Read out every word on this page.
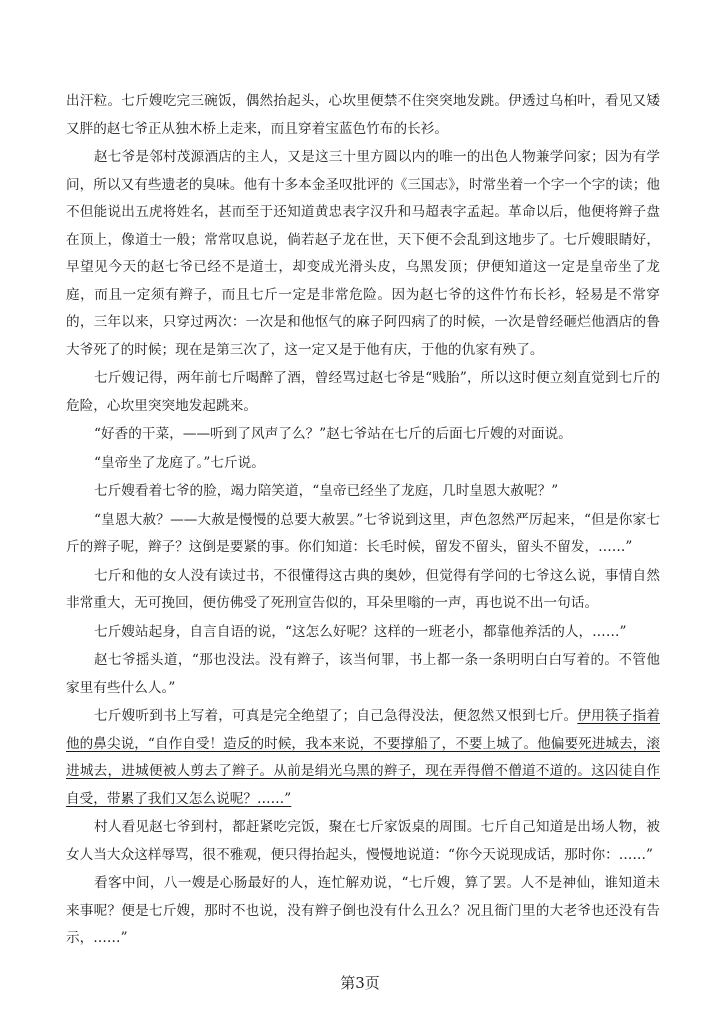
出汗粒。七斤嫂吃完三碗饭，偶然抬起头，心坎里便禁不住突突地发跳。伊透过乌桕叶，看见又矮又胖的赵七爷正从独木桥上走来，而且穿着宝蓝色竹布的长衫。

赵七爷是邻村茂源酒店的主人，又是这三十里方圆以内的唯一的出色人物兼学问家；因为有学问，所以又有些遗老的臭味。他有十多本金圣叹批评的《三国志》，时常坐着一个字一个字的读；他不但能说出五虎将姓名，甚而至于还知道黄忠表字汉升和马超表字孟起。革命以后，他便将辫子盘在顶上，像道士一般；常常叹息说，倘若赵子龙在世，天下便不会乱到这地步了。七斤嫂眼睛好，早望见今天的赵七爷已经不是道士，却变成光滑头皮，乌黑发顶；伊便知道这一定是皇帝坐了龙庭，而且一定须有辫子，而且七斤一定是非常危险。因为赵七爷的这件竹布长衫，轻易是不常穿的，三年以来，只穿过两次：一次是和他怄气的麻子阿四病了的时候，一次是曾经砸烂他酒店的鲁大爷死了的时候；现在是第三次了，这一定又是于他有庆，于他的仇家有殃了。

七斤嫂记得，两年前七斤喝醉了酒，曾经骂过赵七爷是“贱胎”，所以这时便立刻直觉到七斤的危险，心坎里突突地发起跳来。

“好香的干菜，——听到了风声了么？”赵七爷站在七斤的后面七斤嫂的对面说。

“皇帝坐了龙庭了。”七斤说。

七斤嫂看着七爷的脸，竭力陪笑道，“皇帝已经坐了龙庭，几时皇恩大赦呢？”

“皇恩大赦？——大赦是慢慢的总要大赦罢。”七爷说到这里，声色忽然严厉起来，“但是你家七斤的辫子呢，辫子？这倒是要紧的事。你们知道：长毛时候，留发不留头，留头不留发，……”

七斤和他的女人没有读过书，不很懂得这古典的奥妙，但觉得有学问的七爷这么说，事情自然非常重大，无可挽回，便仿佛受了死刑宣告似的，耳朵里嗡的一声，再也说不出一句话。

七斤嫂站起身，自言自语的说，“这怎么好呢？这样的一班老小，都靠他养活的人，……”

赵七爷摇头道，“那也没法。没有辫子，该当何罪，书上都一条一条明明白白写着的。不管他家里有些什么人。”

七斤嫂听到书上写着，可真是完全绝望了；自己急得没法，便忽然又恨到七斤。伊用筷子指着他的鼻尖说，“自作自受！造反的时候，我本来说，不要撑船了，不要上城了。他偏要死进城去，滚进城去，进城便被人剪去了辫子。从前是绢光乌黑的辫子，现在弄得僧不僧道不道的。这囚徒自作自受，带累了我们又怎么说呢？……”

村人看见赵七爷到村，都赶紧吃完饭，聚在七斤家饭桌的周围。七斤自己知道是出场人物，被女人当大众这样辱骂，很不雅观，便只得抬起头，慢慢地说道：“你今天说现成话，那时你：……”

看客中间，八一嫂是心肠最好的人，连忙解劝说，“七斤嫂，算了罢。人不是神仙，谁知道未来事呢？便是七斤嫂，那时不也说，没有辫子倒也没有什么丑么？况且衙门里的大老爷也还没有告示，……”

第3页
